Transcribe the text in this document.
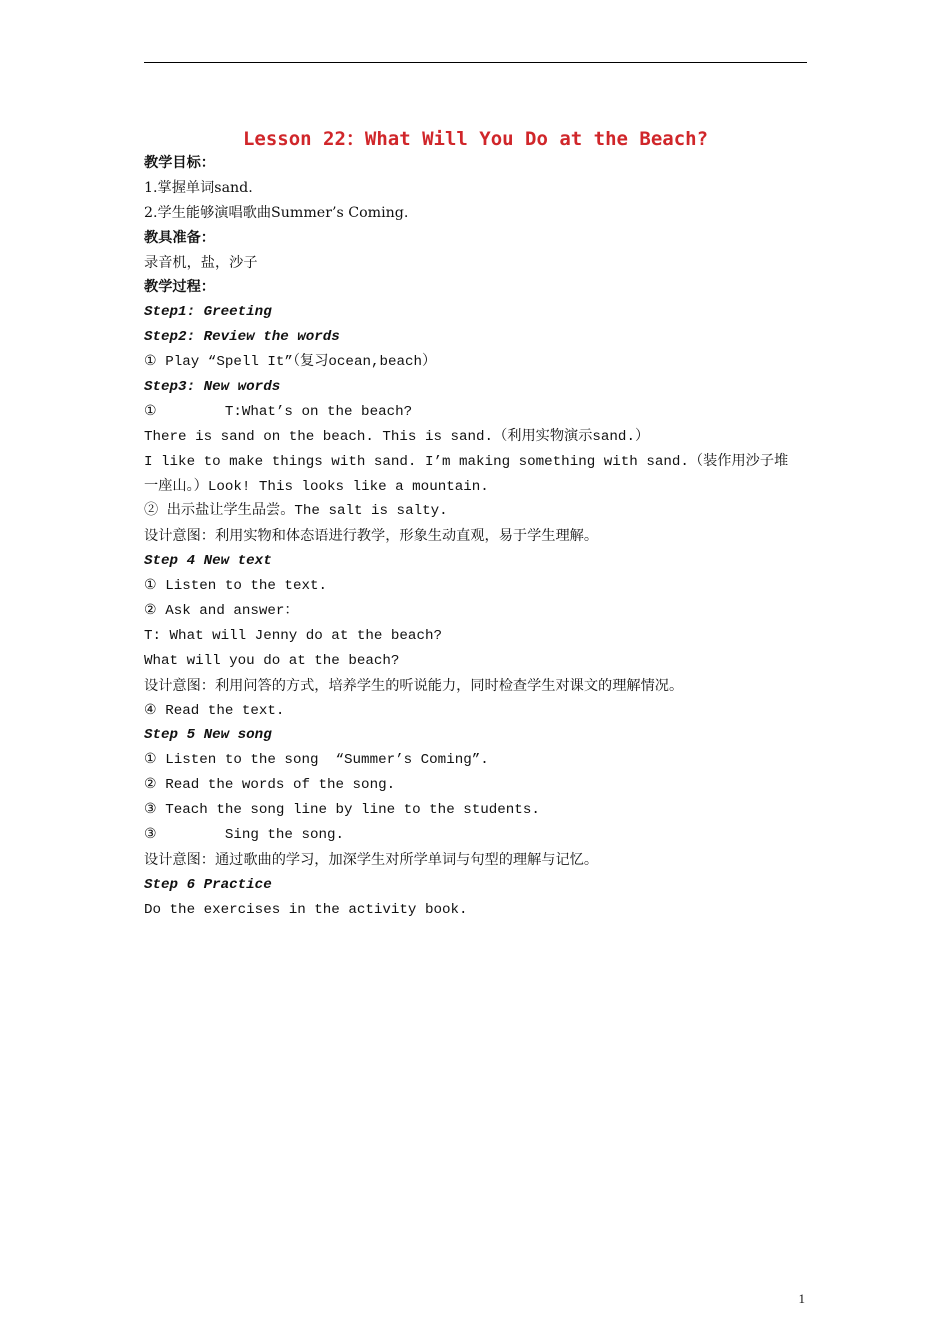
Lesson 22：What Will You Do at the Beach?
教学目标：
1.掌握单词sand.
2.学生能够演唱歌曲Summer’s Coming.
教具准备：
录音机，盐，沙子
教学过程：
Step1: Greeting
Step2: Review the words
① Play “Spell It”（复习ocean,beach）
Step3: New words
①        T:What’s on the beach?
There is sand on the beach. This is sand.（利用实物演示sand.）
I like to make things with sand. I’m making something with sand.（装作用沙子堆
一座山。）Look! This looks like a mountain.
② 出示盐让学生品尝。The salt is salty.
设计意图：利用实物和体态语进行教学，形象生动直观，易于学生理解。
Step 4 New text
① Listen to the text.
② Ask and answer：
T: What will Jenny do at the beach?
What will you do at the beach?
设计意图：利用问答的方式，培养学生的听说能力，同时检查学生对课文的理解情况。
④ Read the text.
Step 5 New song
① Listen to the song  “Summer’s Coming”.
② Read the words of the song.
③ Teach the song line by line to the students.
③        Sing the song.
设计意图：通过歌曲的学习，加深学生对所学单词与句型的理解与记忆。
Step 6 Practice
Do the exercises in the activity book.
1
